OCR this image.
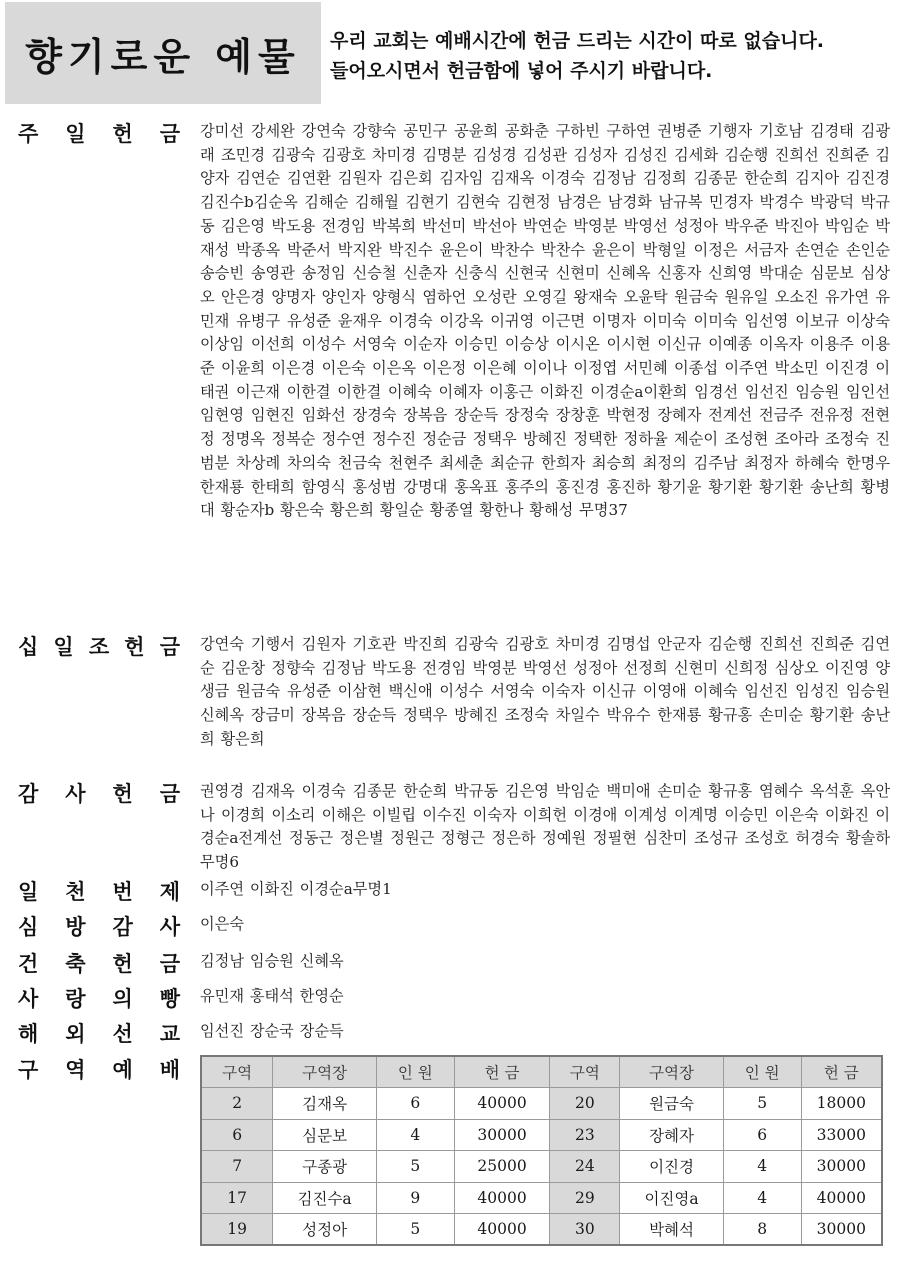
향기로운 예물 우리 교회는 예배시간에 헌금 드리는 시간이 따로 없습니다.
들어오시면서 헌금함에 넣어 주시기 바랍니다.
주 일 헌 금 강미선 강세완 강연숙 강향숙 공민구 공윤희 공화춘 구하빈 구하연 권병준 기행자 기호남 김경태 김광래 조민경 김광숙 김광호 차미경 김명분 김성경 김성관 김성자 김성진 김세화 김순행 진희선 진희준 김양자 김연순 김연환 김원자 김은회 김자임 김재옥 이경숙 김정남 김정희 김종문 한순희 김지아 김진경 김진수b김순옥 김해순 김해월 김현기 김현숙 김현정 남경은 남경화 남규복 민경자 박경수 박광덕 박규동 김은영 박도용 전경임 박복희 박선미 박선아 박연순 박영분 박영선 성정아 박우준 박진아 박임순 박재성 박종옥 박준서 박지완 박진수 윤은이 박찬수 박찬수 윤은이 박형일 이정은 서금자 손연순 손인순 송승빈 송영관 송정임 신승철 신춘자 신충식 신현국 신현미 신혜옥 신홍자 신희영 박대순 심문보 심상오 안은경 양명자 양인자 양형식 염하언 오성란 오영길 왕재숙 오윤탁 원금숙 원유일 오소진 유가연 유민재 유병구 유성준 윤재우 이경숙 이강옥 이귀영 이근면 이명자 이미숙 이미숙 임선영 이보규 이상숙 이상임 이선희 이성수 서영숙 이순자 이승민 이승상 이시온 이시현 이신규 이예종 이옥자 이용주 이용준 이윤희 이은경 이은숙 이은옥 이은정 이은혜 이이나 이정엽 서민혜 이종섭 이주연 박소민 이진경 이태권 이근재 이한결 이한결 이혜숙 이혜자 이홍근 이화진 이경순a이환희 임경선 임선진 임승원 임인선 임현영 임현진 임화선 장경숙 장복음 장순득 장정숙 장창훈 박현정 장혜자 전계선 전금주 전유정 전현정 정명옥 정복순 정수연 정수진 정순금 정택우 방혜진 정택한 정하율 제순이 조성현 조아라 조정숙 진범분 차상례 차의숙 천금숙 천현주 최세춘 최순규 한희자 최승희 최정의 김주남 최정자 하혜숙 한명우 한재룡 한태희 함영식 홍성범 강명대 홍옥표 홍주의 홍진경 홍진하 황기윤 황기환 황기환 송난희 황병대 황순자b 황은숙 황은희 황일순 황종열 황한나 황해성 무명37
십 일 조 헌 금 강연숙 기행서 김원자 기호관 박진희 김광숙 김광호 차미경 김명섭 안군자 김순행 진희선 진희준 김연순 김운창 정향숙 김정남 박도용 전경임 박영분 박영선 성정아 선정희 신현미 신희정 심상오 이진영 양생금 원금숙 유성준 이삼현 백신애 이성수 서영숙 이숙자 이신규 이영애 이혜숙 임선진 임성진 임승원 신혜옥 장금미 장복음 장순득 정택우 방혜진 조정숙 차일수 박유수 한재룡 황규홍 손미순 황기환 송난희 황은희
감 사 헌 금 권영경 김재옥 이경숙 김종문 한순희 박규동 김은영 박임순 백미애 손미순 황규홍 염혜수 옥석훈 옥안나 이경희 이소리 이해은 이빌립 이수진 이숙자 이희헌 이경애 이계성 이계명 이승민 이은숙 이화진 이경순a전계선 정동근 정은별 정원근 정형근 정은하 정예원 정필현 심찬미 조성규 조성호 허경숙 황솔하 무명6
일 천 번 제 이주연 이화진 이경순a무명1
심 방 감 사 이은숙
건 축 헌 금 김정남 임승원 신혜옥
사 랑 의 빵 유민재 홍태석 한영순
해 외 선 교 임선진 장순국 장순득
구 역 예 배	구역	구역장	인 원	헌 금	구역	구역장	인 원	헌 금
2	김재옥	6	40000	20	원금숙	5	18000
6	심문보	4	30000	23	장혜자	6	33000
7	구종광	5	25000	24	이진경	4	30000
17	김진수a	9	40000	29	이진영a	4	40000
19	성정아	5	40000	30	박혜석	8	30000
